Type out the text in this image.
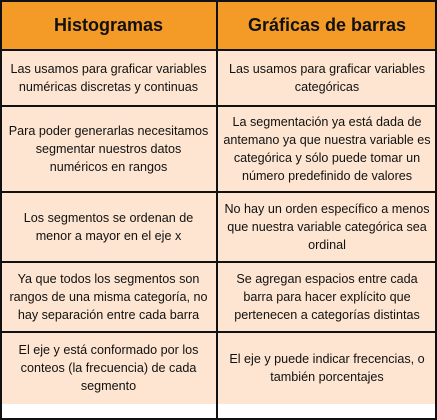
Histogramas	Gráficas de barras
Las usamos para graficar variables numéricas discretas y continuas
Las usamos para graficar variables categóricas
Para poder generarlas necesitamos segmentar nuestros datos numéricos en rangos
La segmentación ya está dada de antemano ya que nuestra variable es categórica y sólo puede tomar un número predefinido de valores
Los segmentos se ordenan de menor a mayor en el eje x
No hay un orden específico a menos que nuestra variable categórica sea ordinal
Ya que todos los segmentos son rangos de una misma categoría, no hay separación entre cada barra
Se agregan espacios entre cada barra para hacer explícito que pertenecen a categorías distintas
El eje y está conformado por los conteos (la frecuencia) de cada segmento
El eje y puede indicar frecencias, o también porcentajes
